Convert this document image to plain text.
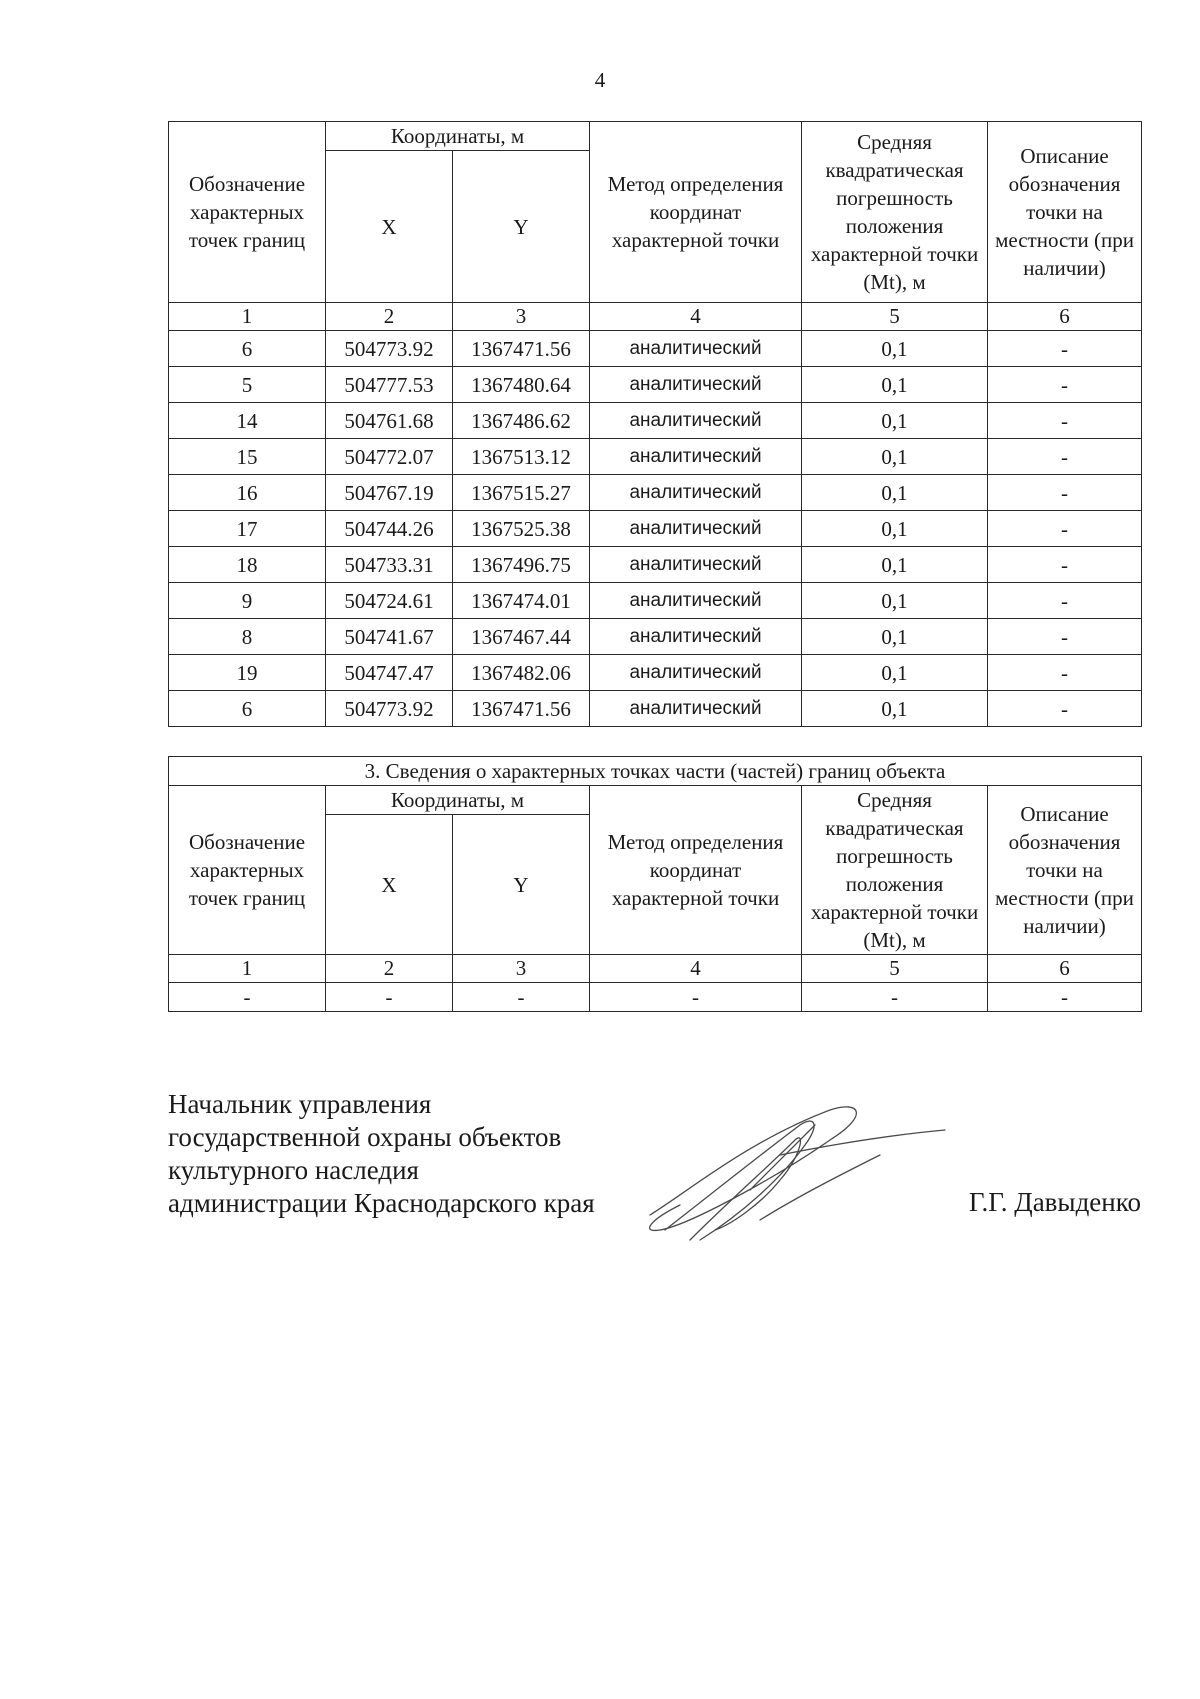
4
Обозначение характерных точек границ	Координаты, м		Метод определения координат характерной точки	Средняя квадратическая погрешность положения характерной точки (Mt), м	Описание обозначения точки на местности (при наличии)
	X	Y			
1	2	3	4	5	6
6	504773.92	1367471.56	аналитический	0,1	-
5	504777.53	1367480.64	аналитический	0,1	-
14	504761.68	1367486.62	аналитический	0,1	-
15	504772.07	1367513.12	аналитический	0,1	-
16	504767.19	1367515.27	аналитический	0,1	-
17	504744.26	1367525.38	аналитический	0,1	-
18	504733.31	1367496.75	аналитический	0,1	-
9	504724.61	1367474.01	аналитический	0,1	-
8	504741.67	1367467.44	аналитический	0,1	-
19	504747.47	1367482.06	аналитический	0,1	-
6	504773.92	1367471.56	аналитический	0,1	-
3. Сведения о характерных точках части (частей) границ объекта					
Обозначение характерных точек границ	Координаты, м		Метод определения координат характерной точки	Средняя квадратическая погрешность положения характерной точки (Mt), м	Описание обозначения точки на местности (при наличии)
	X	Y			
1	2	3	4	5	6
-	-	-	-	-	-
Начальник управления
государственной охраны объектов
культурного наследия
администрации Краснодарского края	Г.Г. Давыденко
